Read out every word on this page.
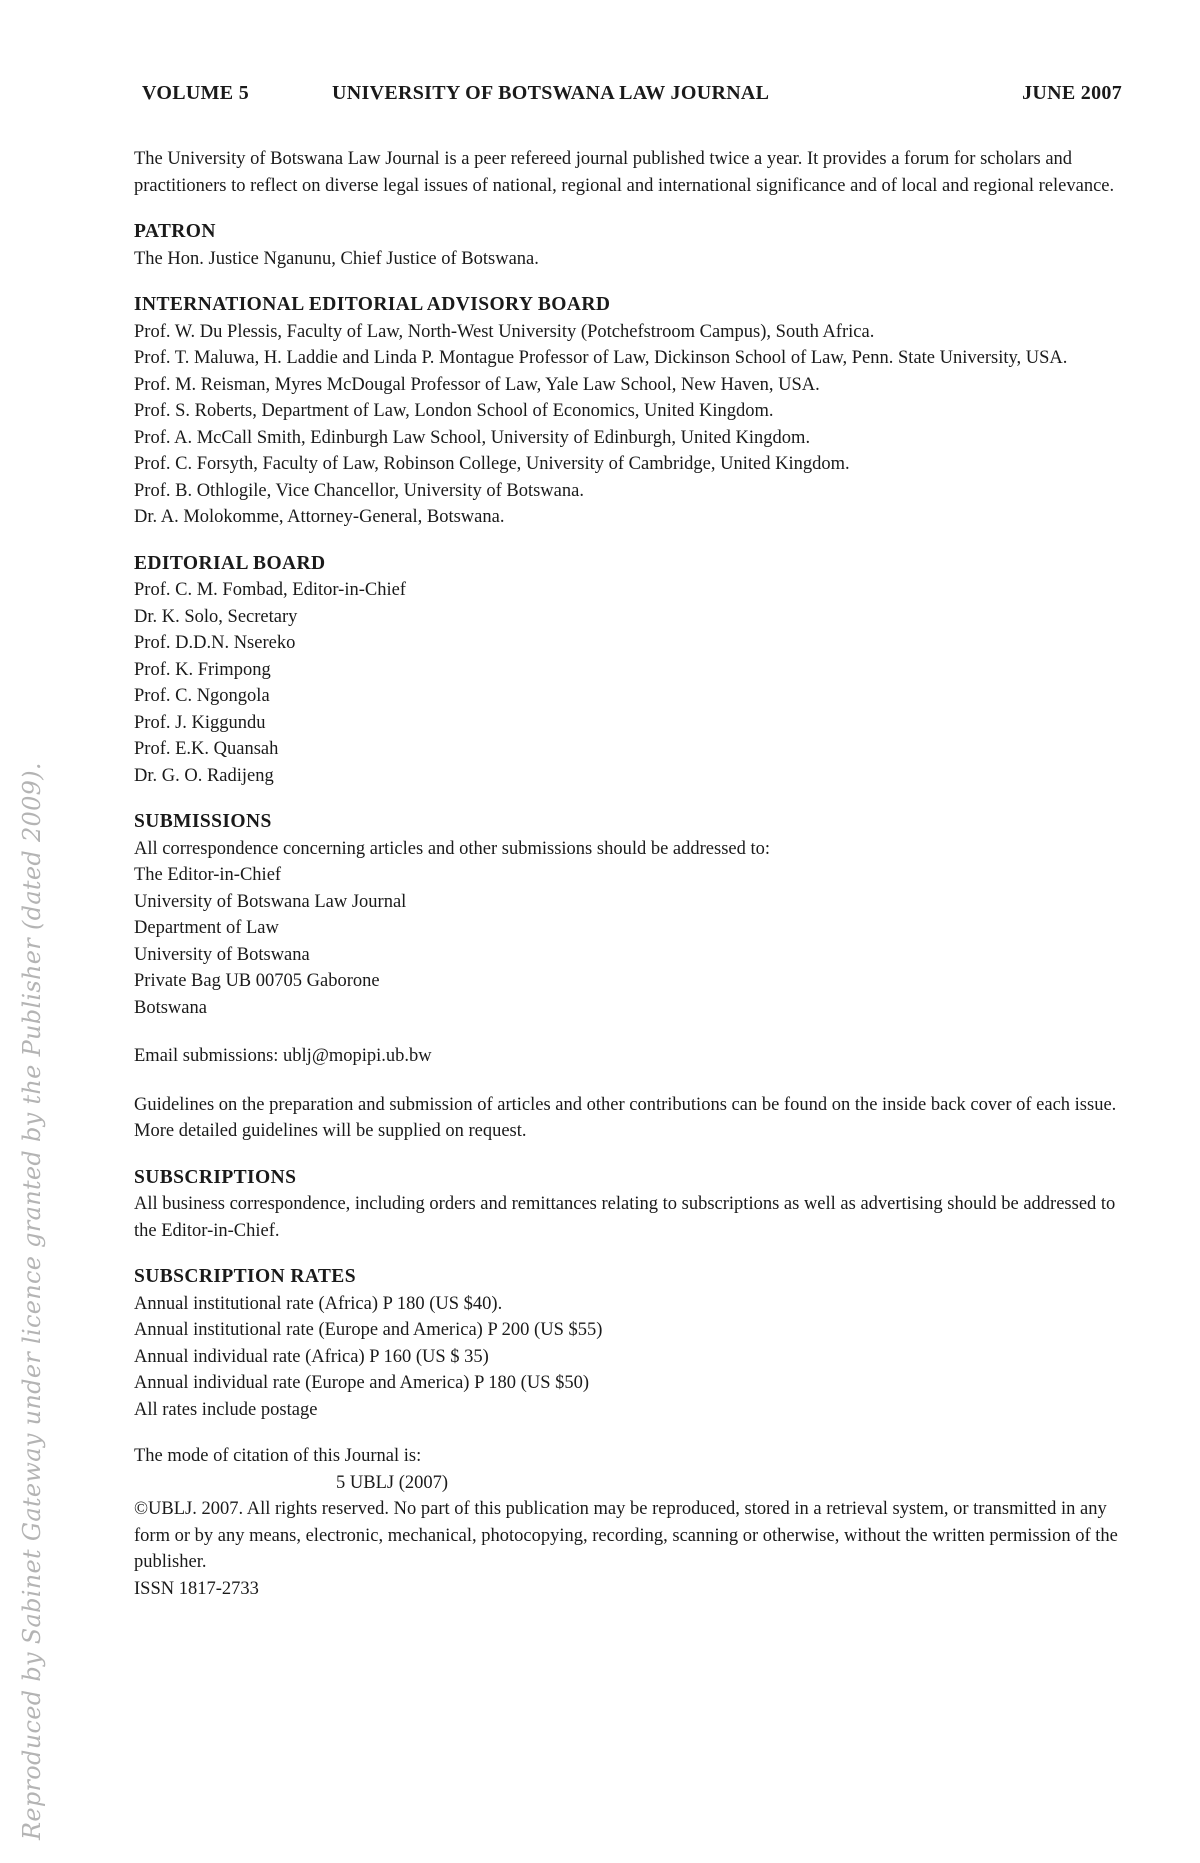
VOLUME 5	UNIVERSITY OF BOTSWANA LAW JOURNAL	JUNE 2007

The University of Botswana Law Journal is a peer refereed journal published twice a year. It provides a forum for scholars and practitioners to reflect on diverse legal issues of national, regional and international significance and of local and regional relevance.

PATRON

The Hon. Justice Nganunu, Chief Justice of Botswana.

INTERNATIONAL EDITORIAL ADVISORY BOARD

Prof. W. Du Plessis, Faculty of Law, North-West University (Potchefstroom Campus), South Africa.

Prof. T. Maluwa, H. Laddie and Linda P. Montague Professor of Law, Dickinson School of Law, Penn. State University, USA.

Prof. M. Reisman, Myres McDougal Professor of Law, Yale Law School, New Haven, USA.

Prof. S. Roberts, Department of Law, London School of Economics, United Kingdom.

Prof. A. McCall Smith, Edinburgh Law School, University of Edinburgh, United Kingdom.

Prof. C. Forsyth, Faculty of Law, Robinson College, University of Cambridge, United Kingdom.

Prof. B. Othlogile, Vice Chancellor, University of Botswana.

Dr. A. Molokomme, Attorney-General, Botswana.

EDITORIAL BOARD

Prof. C. M. Fombad, Editor-in-Chief

Dr. K. Solo, Secretary

Prof. D.D.N. Nsereko

Prof. K. Frimpong

Prof. C. Ngongola

Prof. J. Kiggundu

Prof. E.K. Quansah

Dr. G. O. Radijeng

SUBMISSIONS

All correspondence concerning articles and other submissions should be addressed to:

The Editor-in-Chief

University of Botswana Law Journal

Department of Law

University of Botswana

Private Bag UB 00705 Gaborone

Botswana

Email submissions: ublj@mopipi.ub.bw

Guidelines on the preparation and submission of articles and other contributions can be found on the inside back cover of each issue. More detailed guidelines will be supplied on request.

SUBSCRIPTIONS

All business correspondence, including orders and remittances relating to subscriptions as well as advertising should be addressed to the Editor-in-Chief.

SUBSCRIPTION RATES

Annual institutional rate (Africa) P 180 (US $40).

Annual institutional rate (Europe and America) P 200 (US $55)

Annual individual rate (Africa) P 160 (US $ 35)

Annual individual rate (Europe and America) P 180 (US $50)

All rates include postage

The mode of citation of this Journal is:

5 UBLJ (2007)

©UBLJ. 2007. All rights reserved. No part of this publication may be reproduced, stored in a retrieval system, or transmitted in any form or by any means, electronic, mechanical, photocopying, recording, scanning or otherwise, without the written permission of the publisher.

ISSN 1817-2733

Reproduced by Sabinet Gateway under licence granted by the Publisher (dated 2009).
